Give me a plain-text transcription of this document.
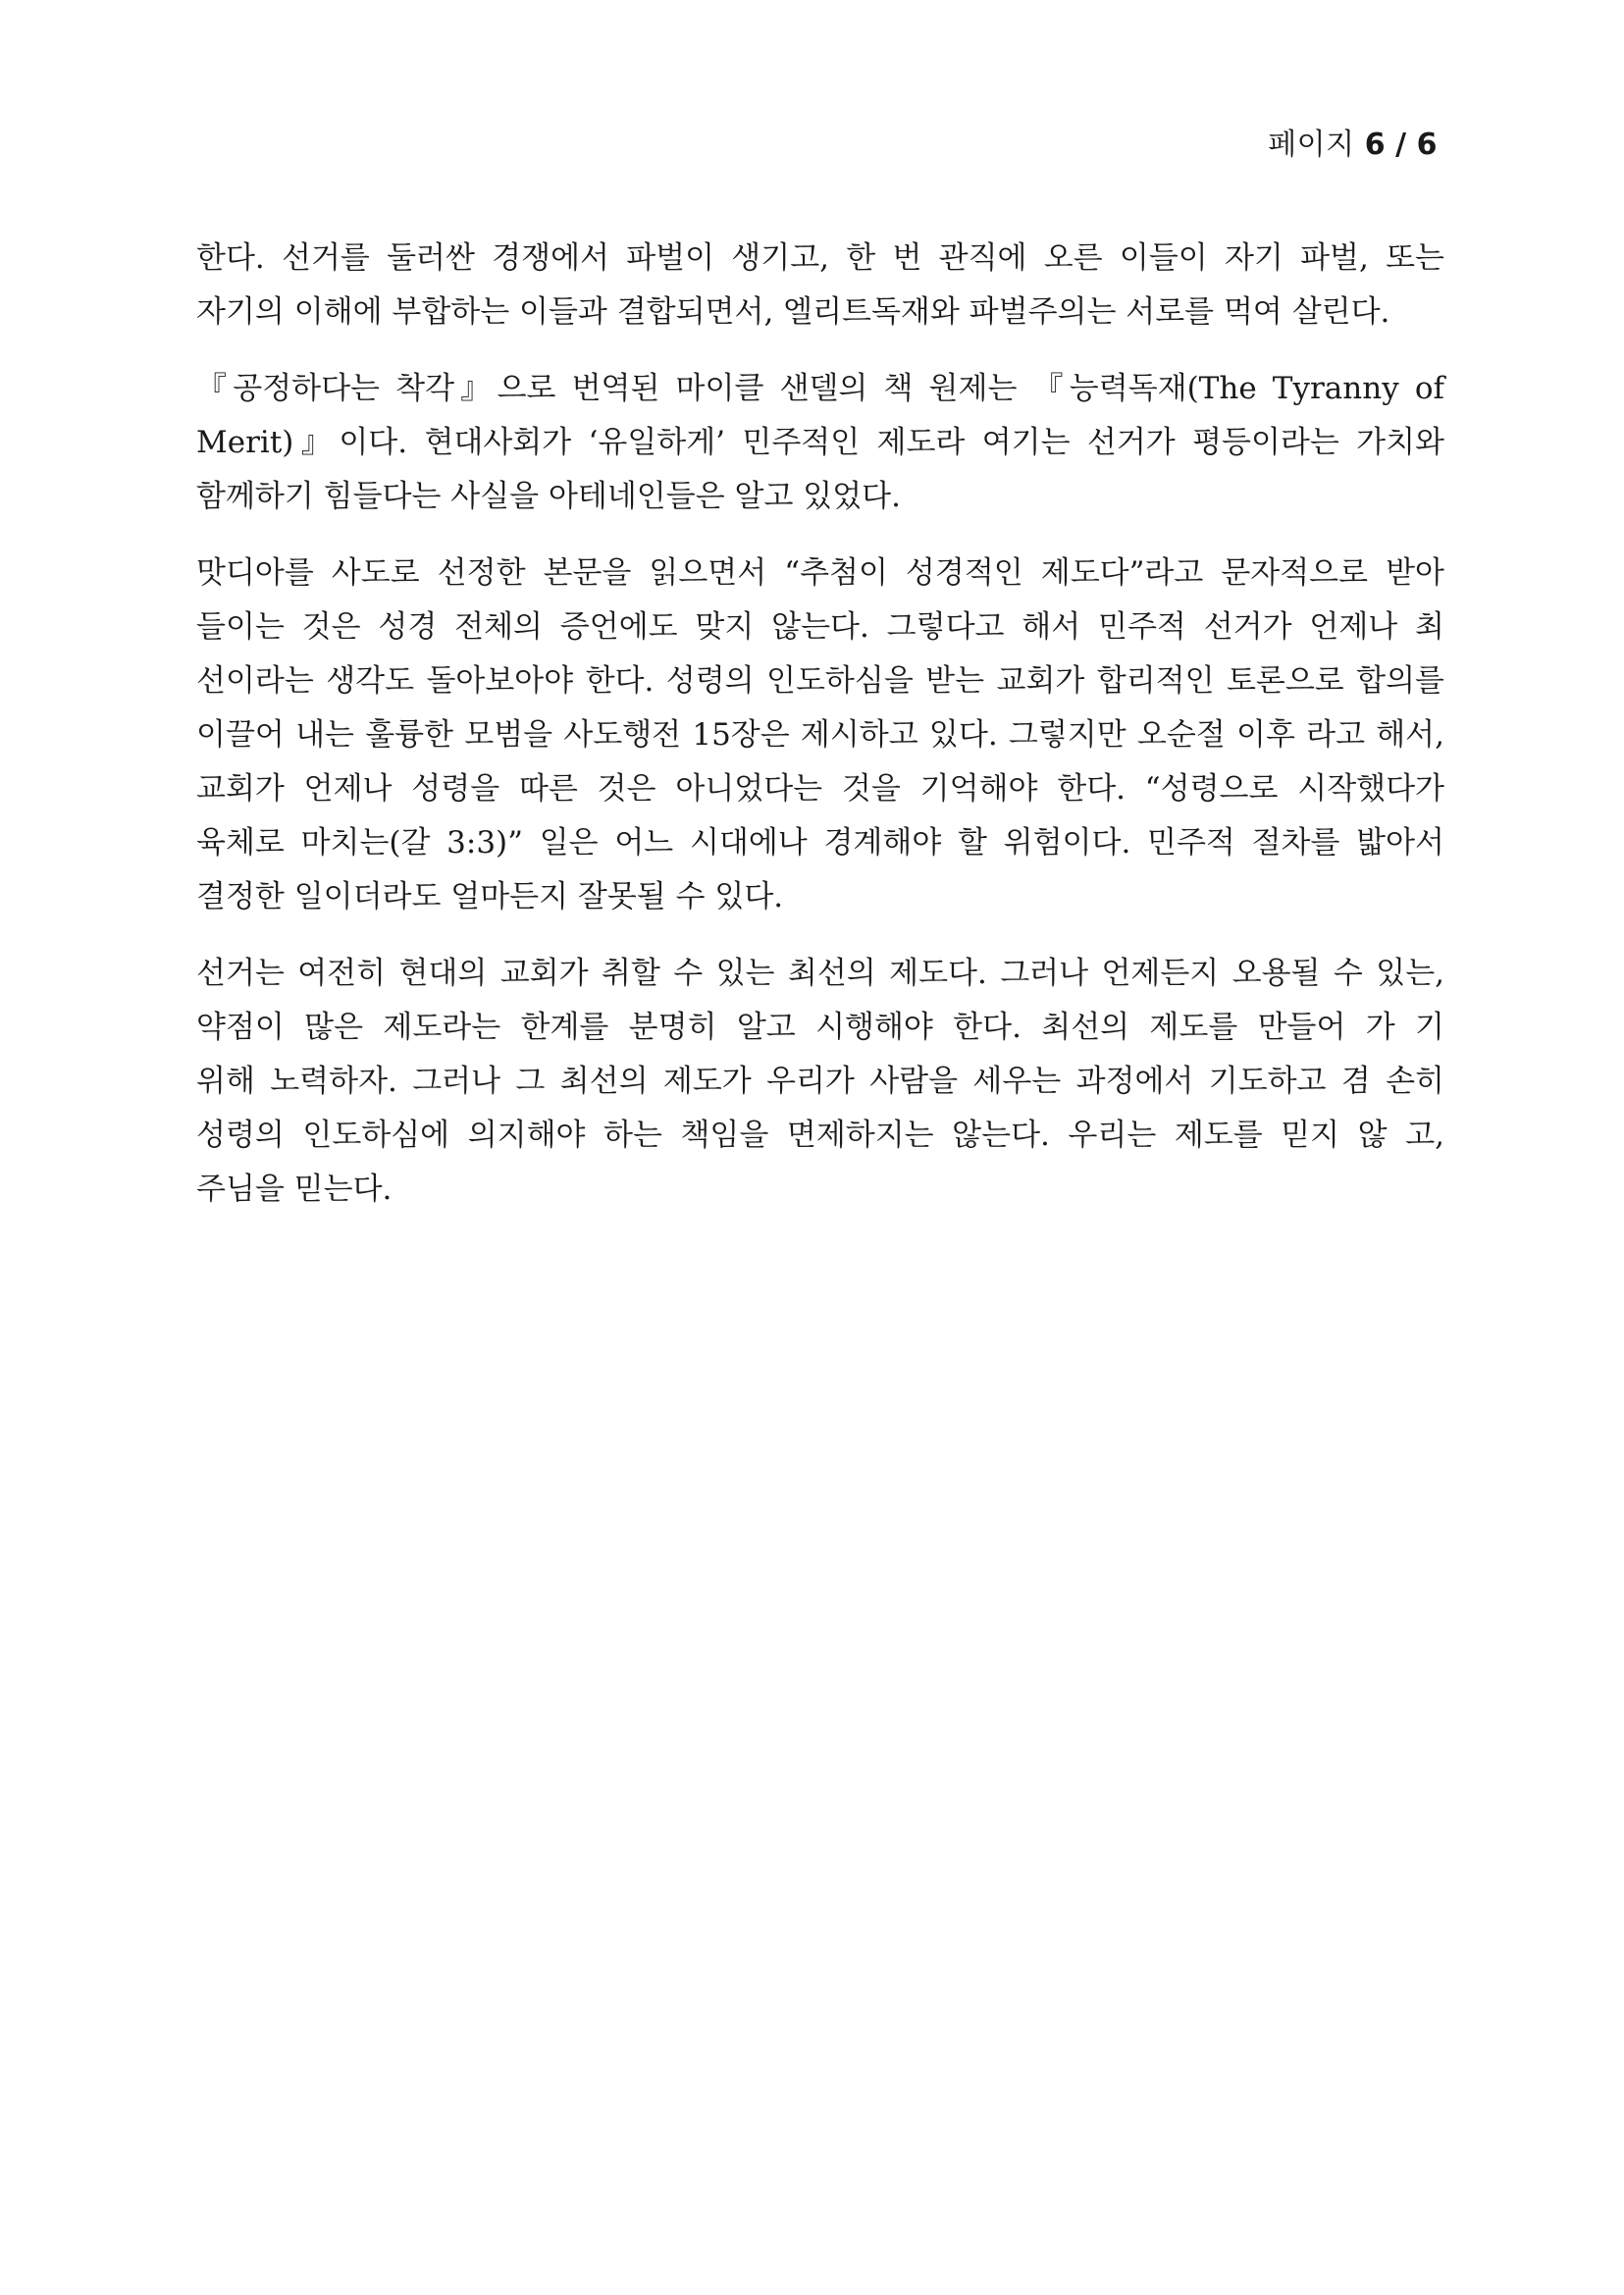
페이지 6 / 6

한다. 선거를 둘러싼 경쟁에서 파벌이 생기고, 한 번 관직에 오른 이들이 자기 파벌, 또는
자기의 이해에 부합하는 이들과 결합되면서, 엘리트독재와 파벌주의는 서로를 먹여 살린다.

『공정하다는 착각』으로 번역된 마이클 샌델의 책 원제는 『능력독재(The Tyranny of
Merit)』이다. 현대사회가 ‘유일하게’ 민주적인 제도라 여기는 선거가 평등이라는 가치와
함께하기 힘들다는 사실을 아테네인들은 알고 있었다.

맛디아를 사도로 선정한 본문을 읽으면서 “추첨이 성경적인 제도다”라고 문자적으로 받아
들이는 것은 성경 전체의 증언에도 맞지 않는다. 그렇다고 해서 민주적 선거가 언제나 최
선이라는 생각도 돌아보아야 한다. 성령의 인도하심을 받는 교회가 합리적인 토론으로 합의를
이끌어 내는 훌륭한 모범을 사도행전 15장은 제시하고 있다. 그렇지만 오순절 이후 라고 해서,
교회가 언제나 성령을 따른 것은 아니었다는 것을 기억해야 한다. “성령으로 시작했다가
육체로 마치는(갈 3:3)” 일은 어느 시대에나 경계해야 할 위험이다. 민주적 절차를 밟아서
결정한 일이더라도 얼마든지 잘못될 수 있다.

선거는 여전히 현대의 교회가 취할 수 있는 최선의 제도다. 그러나 언제든지 오용될 수 있는,
약점이 많은 제도라는 한계를 분명히 알고 시행해야 한다. 최선의 제도를 만들어 가 기
위해 노력하자. 그러나 그 최선의 제도가 우리가 사람을 세우는 과정에서 기도하고 겸 손히
성령의 인도하심에 의지해야 하는 책임을 면제하지는 않는다. 우리는 제도를 믿지 않 고,
주님을 믿는다.
